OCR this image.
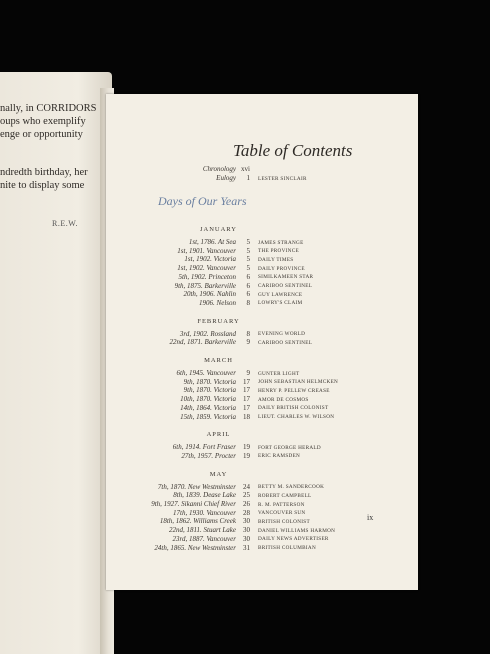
nally, in CORRIDORS
oups who exemplify
enge or opportunity
ndredth birthday, her
nite to display some
R.E.W.
Table of Contents
Chronology xvi
Eulogy	1 LESTER SINCLAIR
JANUARY
1st, 1786. At Sea	5 JAMES STRANGE
1st, 1901. Vancouver	5 THE PROVINCE
1st, 1902. Victoria	5 DAILY TIMES
1st, 1902. Vancouver	5 DAILY PROVINCE
5th, 1902. Princeton	6 SIMILKAMEEN STAR
9th, 1875. Barkerville	6 CARIBOO SENTINEL
20th, 1906. Nahlin	6 GUY LAWRENCE
1906. Nelson	8 LOWRY'S CLAIM
FEBRUARY
3rd, 1902. Rossland	8 EVENING WORLD
22nd, 1871. Barkerville	9 CARIBOO SENTINEL
MARCH
6th, 1945. Vancouver	9 GUNTER LIGHT
9th, 1870. Victoria	17 JOHN SEBASTIAN HELMCKEN
9th, 1870. Victoria	17 HENRY P. PELLEW CREASE
10th, 1870. Victoria	17 AMOR DE COSMOS
14th, 1864. Victoria	17 DAILY BRITISH COLONIST
15th, 1859. Victoria	18 LIEUT. CHARLES W. WILSON
APRIL
6th, 1914. Fort Fraser	19 FORT GEORGE HERALD
27th, 1957. Procter	19 ERIC RAMSDEN
MAY
7th, 1870. New Westminster	24 BETTY M. SANDERCOOK
8th, 1839. Dease Lake	25 ROBERT CAMPBELL
9th, 1927. Sikanni Chief River	26 R. M. PATTERSON
17th, 1930. Vancouver	28 VANCOUVER SUN
18th, 1862. Williams Creek	30 BRITISH COLONIST
22nd, 1811. Stuart Lake	30 DANIEL WILLIAMS HARMON
23rd, 1887. Vancouver	30 DAILY NEWS ADVERTISER
24th, 1865. New Westminster	31 BRITISH COLUMBIAN
Days of Our Years
ix
